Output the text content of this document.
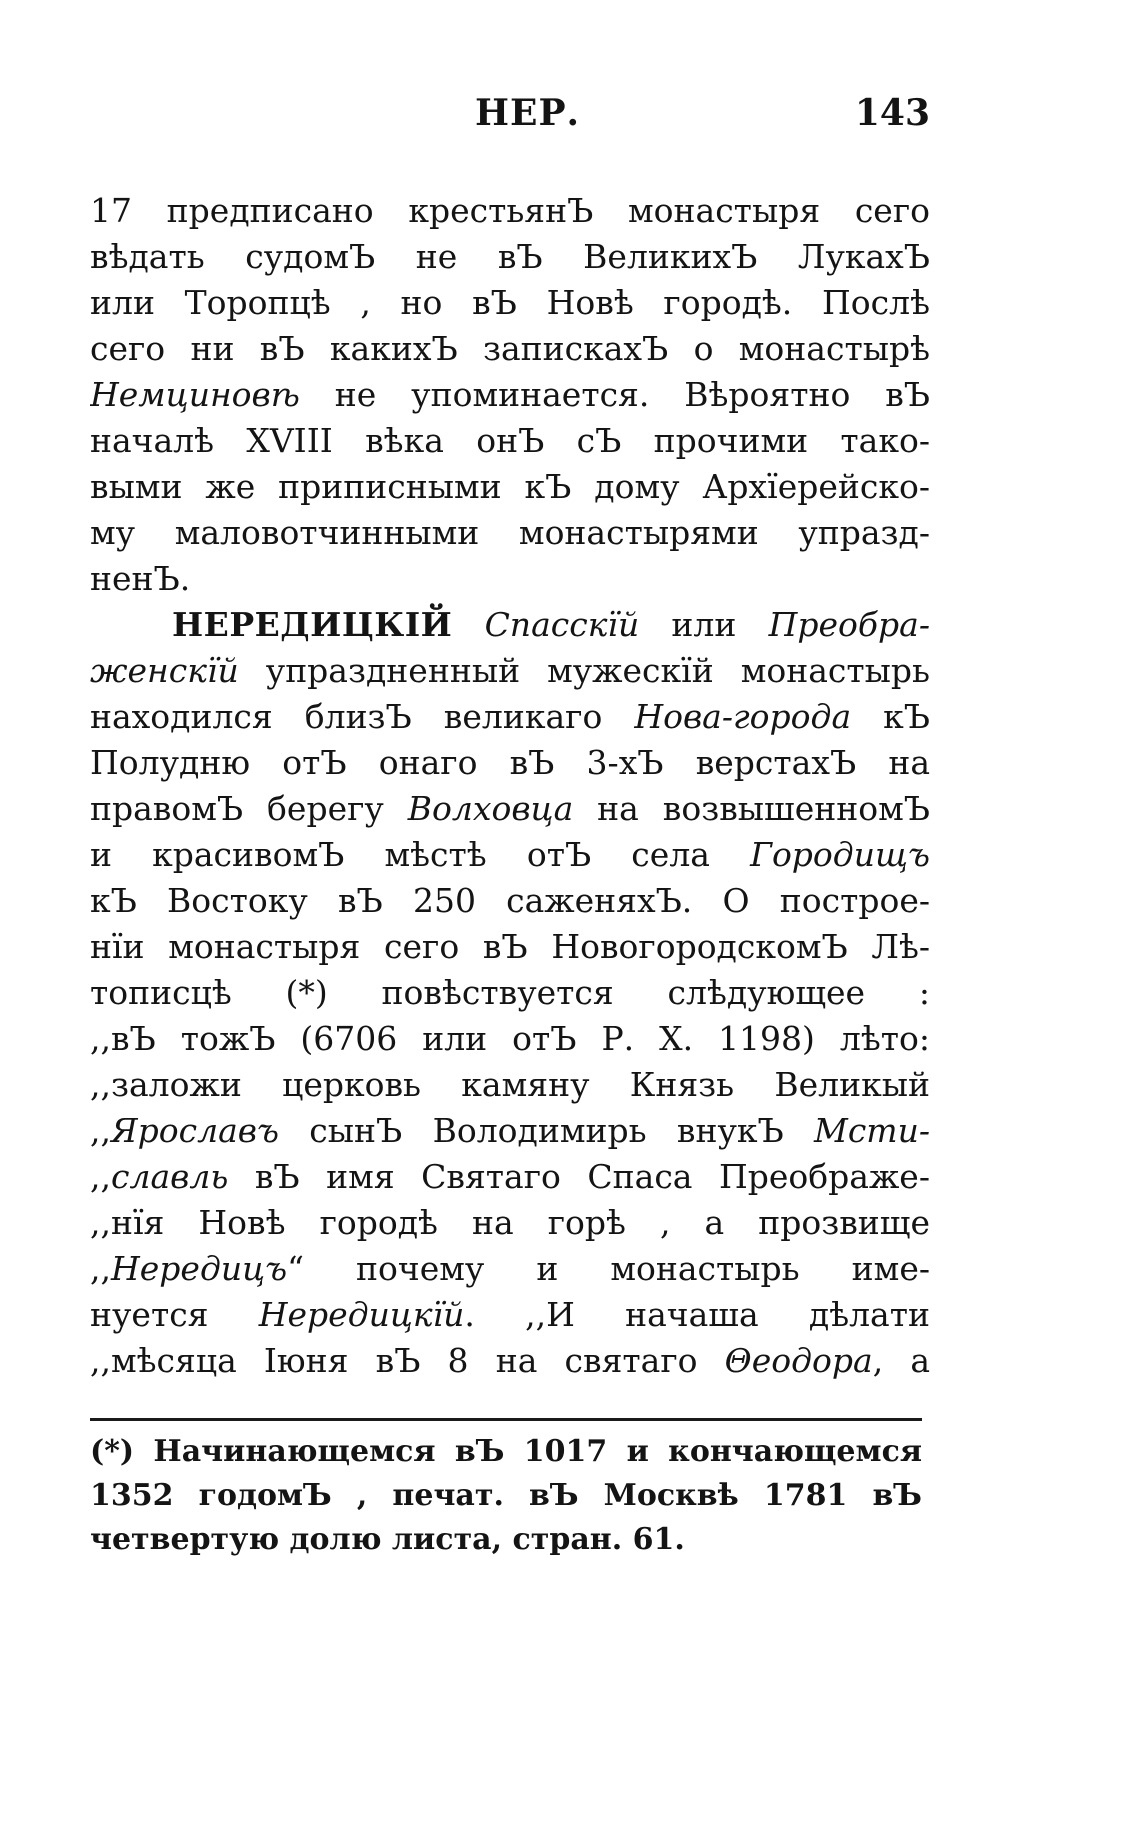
НЕР.	143
17 предписано крестьянЪ монастыря сего
вѣдать судомЪ не вЪ ВеликихЪ ЛукахЪ
или Торопцѣ , но вЪ Новѣ городѣ. Послѣ
сего ни вЪ какихЪ запискахЪ о монастырѣ
Немциновѣ не упоминается. Вѣроятно вЪ
началѣ XVIII вѣка онЪ сЪ прочими тако-
выми же приписными кЪ дому Архїерейско-
му маловотчинными монастырями упразд-
ненЪ.
НЕРЕДИЦКІЙ Спасскїй или Преобра-
женскїй упраздненный мужескїй монастырь
находился близЪ великаго Нова-города кЪ
Полудню отЪ онаго вЪ 3-хЪ верстахЪ на
правомЪ берегу Волховца на возвышенномЪ
и красивомЪ мѣстѣ отЪ села Городищъ
кЪ Востоку вЪ 250 саженяхЪ. О построе-
нїи монастыря сего вЪ НовогородскомЪ Лѣ-
тописцѣ (*) повѣствуется слѣдующее :
,,вЪ тожЪ (6706 или отЪ Р. Х. 1198) лѣто:
,,заложи церковь камяну Князь Великый
,,Ярославъ сынЪ Володимирь внукЪ Мсти-
,,славль вЪ имя Святаго Спаса Преображе-
,,нїя Новѣ городѣ на горѣ , а прозвище
,,Нередицъ“ почему и монастырь име-
нуется Нередицкїй. ,,И начаша дѣлати
,,мѣсяца Іюня вЪ 8 на святаго Θеодора, а
(*) Начинающемся вЪ 1017 и кончающемся
1352 годомЪ , печат. вЪ Москвѣ 1781 вЪ
четвертую долю листа, стран. 61.
